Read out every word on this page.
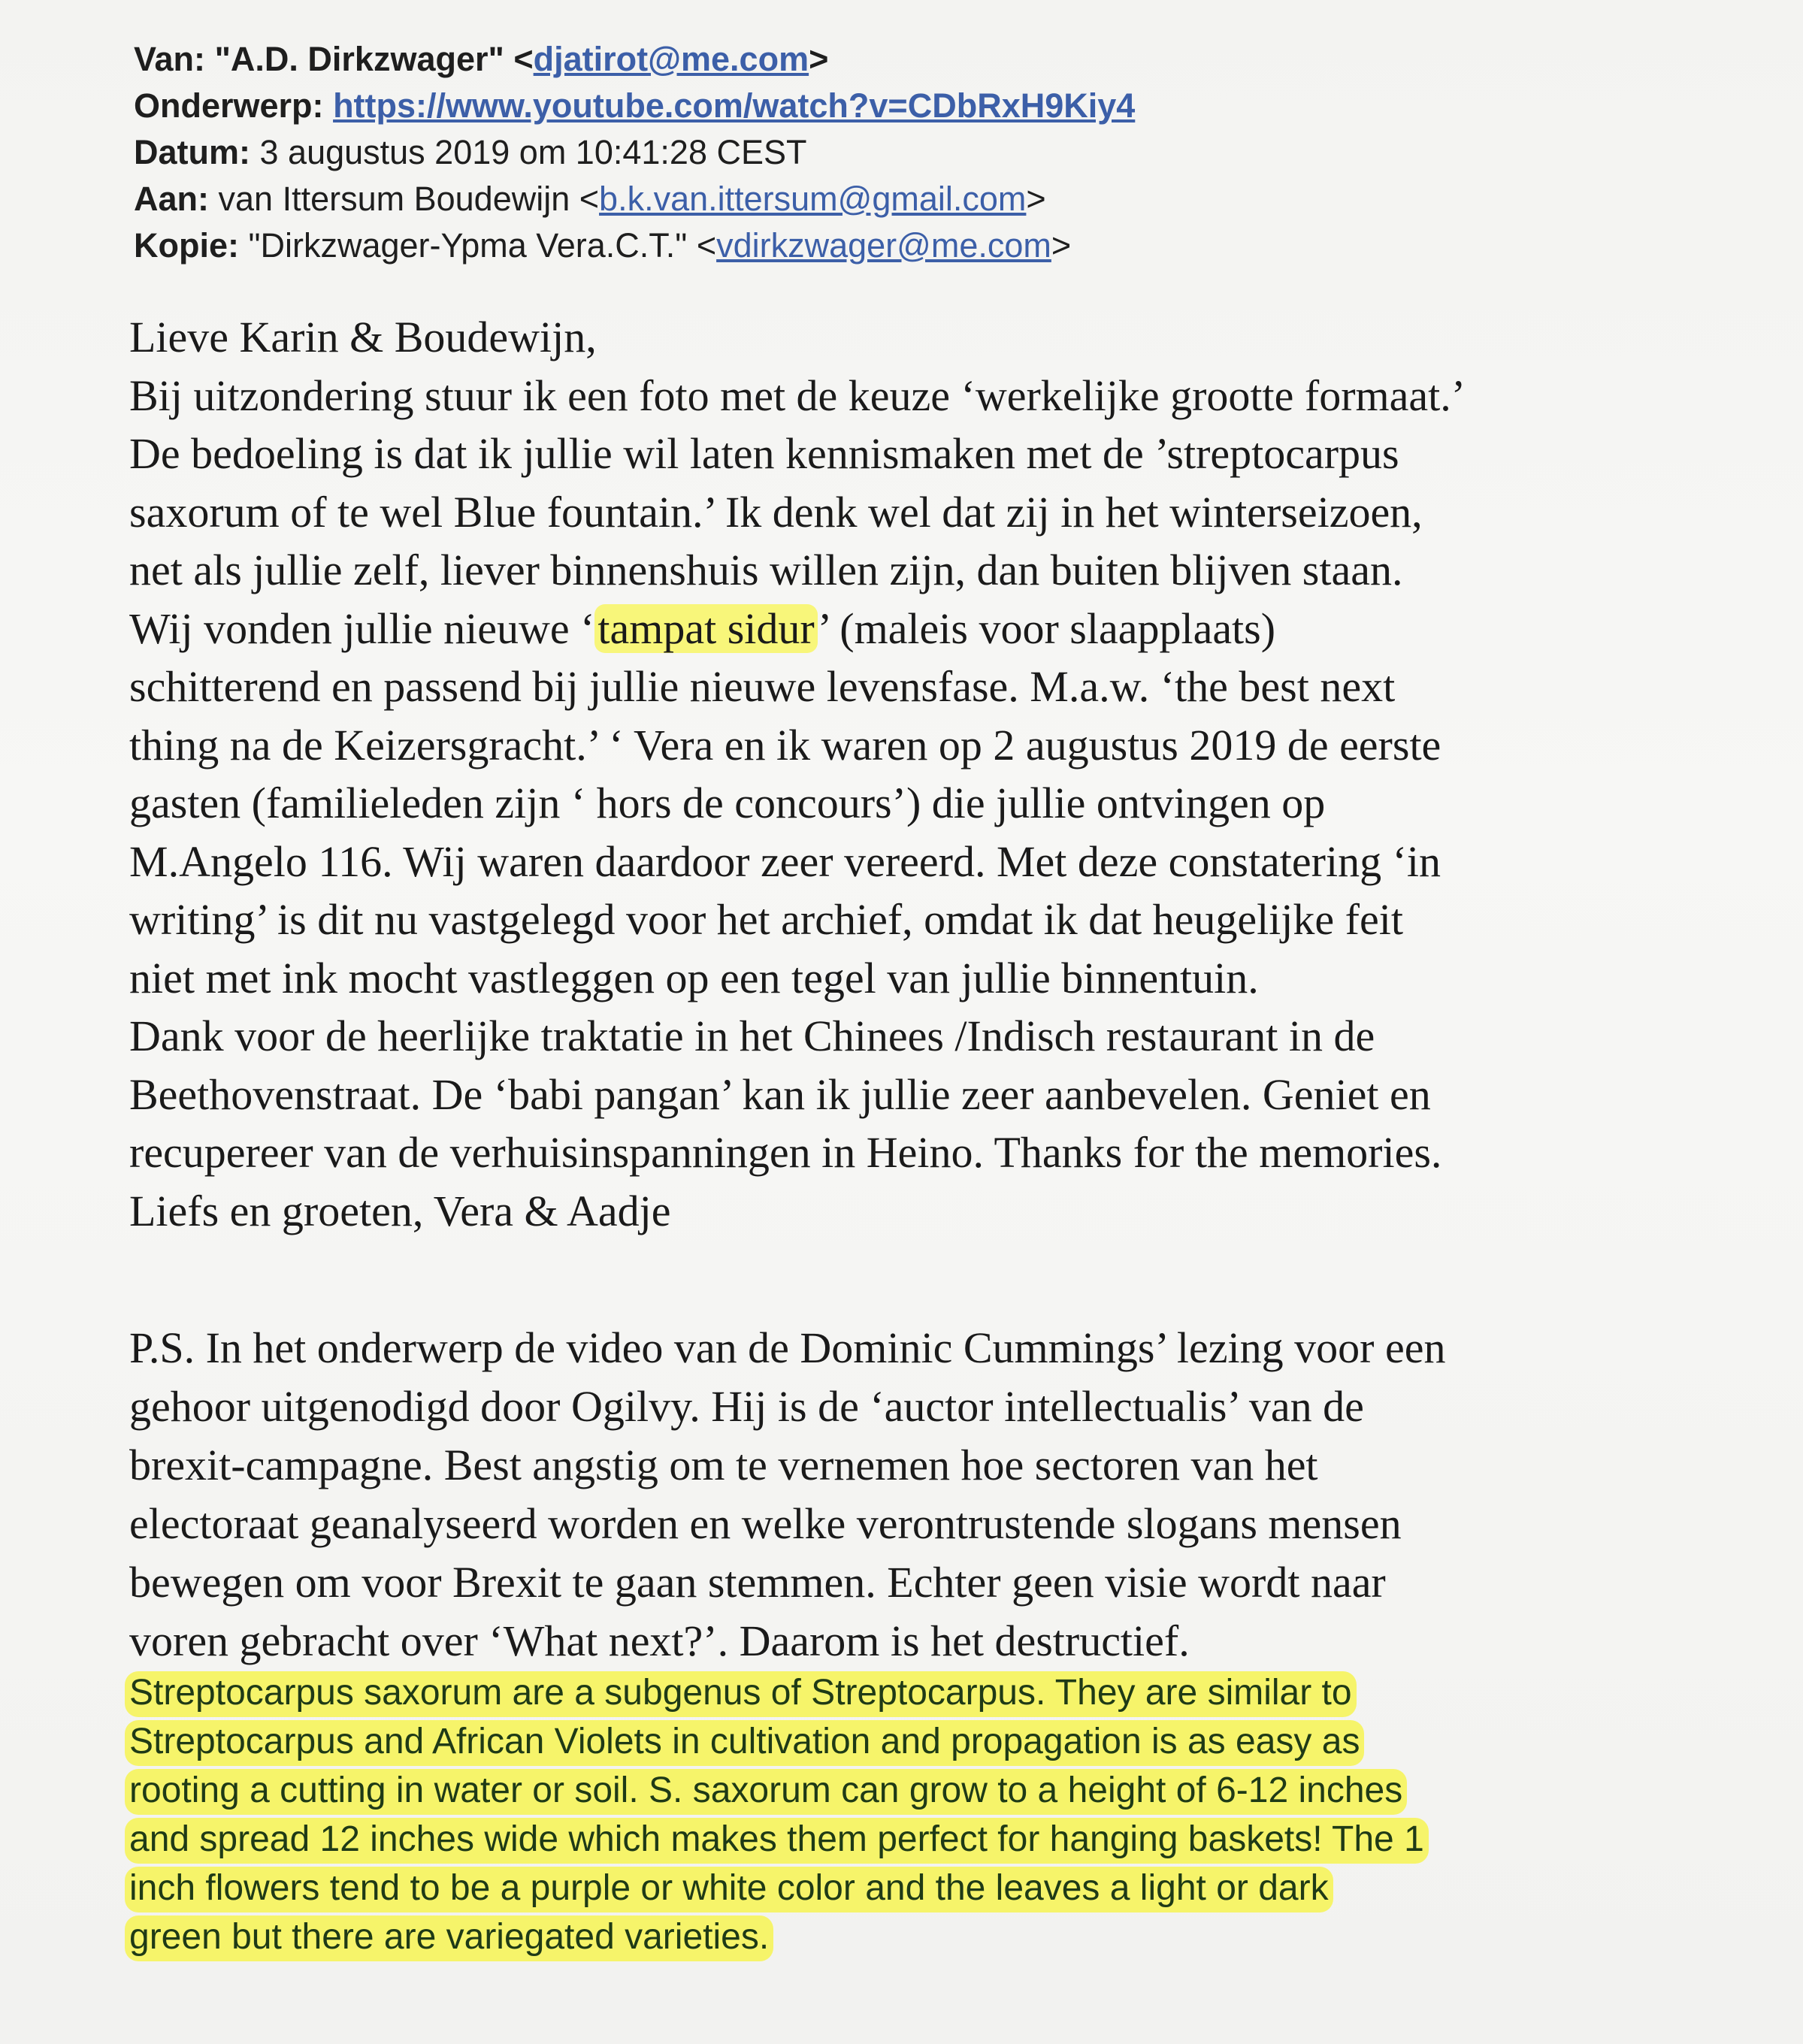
Van: "A.D. Dirkzwager" <djatirot@me.com>
Onderwerp: https://www.youtube.com/watch?v=CDbRxH9Kiy4
Datum: 3 augustus 2019 om 10:41:28 CEST
Aan: van Ittersum Boudewijn <b.k.van.ittersum@gmail.com>
Kopie: "Dirkzwager-Ypma Vera.C.T." <vdirkzwager@me.com>
Lieve Karin & Boudewijn,
Bij uitzondering stuur ik een foto met de keuze ‘werkelijke grootte formaat.’
De bedoeling is dat ik jullie wil laten kennismaken met de ’streptocarpus
saxorum of te wel Blue fountain.’ Ik denk wel dat zij in het winterseizoen,
net als jullie zelf, liever binnenshuis willen zijn, dan buiten blijven staan.
Wij vonden jullie nieuwe ‘tampat sidur’ (maleis voor slaapplaats)
schitterend en passend bij jullie nieuwe levensfase. M.a.w. ‘the best next
thing na de Keizersgracht.’ ‘ Vera en ik waren op 2 augustus 2019 de eerste
gasten (familieleden zijn ‘ hors de concours’) die jullie ontvingen op
M.Angelo 116. Wij waren daardoor zeer vereerd. Met deze constatering ‘in
writing’ is dit nu vastgelegd voor het archief, omdat ik dat heugelijke feit
niet met ink mocht vastleggen op een tegel van jullie binnentuin.
Dank voor de heerlijke traktatie in het Chinees /Indisch restaurant in de
Beethovenstraat. De ‘babi pangan’ kan ik jullie zeer aanbevelen. Geniet en
recupereer van de verhuisinspanningen in Heino. Thanks for the memories.
Liefs en groeten, Vera & Aadje
P.S. In het onderwerp de video van de Dominic Cummings’ lezing voor een
gehoor uitgenodigd door Ogilvy. Hij is de ‘auctor intellectualis’ van de
brexit-campagne. Best angstig om te vernemen hoe sectoren van het
electoraat geanalyseerd worden en welke verontrustende slogans mensen
bewegen om voor Brexit te gaan stemmen. Echter geen visie wordt naar
voren gebracht over ‘What next?’. Daarom is het destructief.
Streptocarpus saxorum are a subgenus of Streptocarpus. They are similar to
Streptocarpus and African Violets in cultivation and propagation is as easy as
rooting a cutting in water or soil. S. saxorum can grow to a height of 6-12 inches
and spread 12 inches wide which makes them perfect for hanging baskets! The 1
inch flowers tend to be a purple or white color and the leaves a light or dark
green but there are variegated varieties.
